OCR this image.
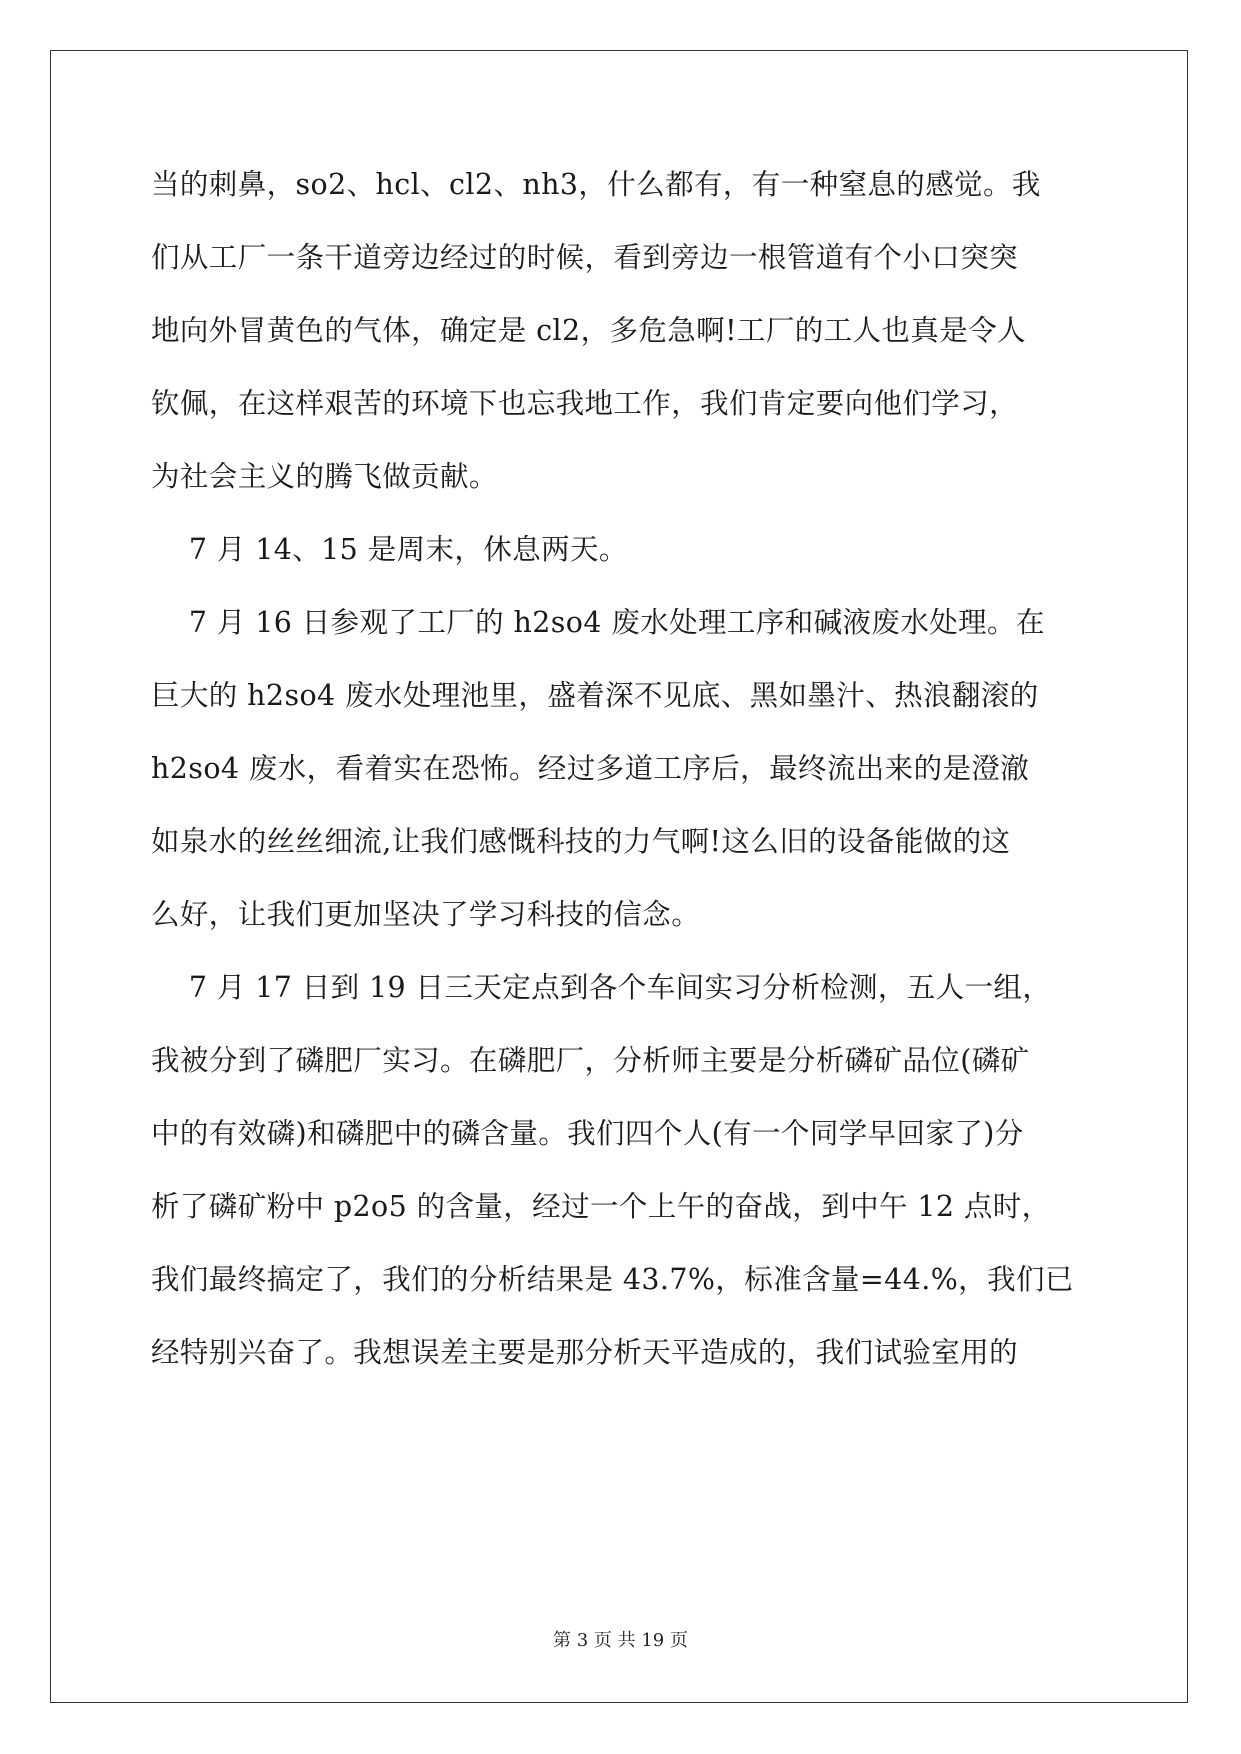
当的刺鼻，so2、hcl、cl2、nh3，什么都有，有一种窒息的感觉。我
们从工厂一条干道旁边经过的时候，看到旁边一根管道有个小口突突
地向外冒黄色的气体，确定是 cl2，多危急啊!工厂的工人也真是令人
钦佩，在这样艰苦的环境下也忘我地工作，我们肯定要向他们学习，
为社会主义的腾飞做贡献。
7 月 14、15 是周末，休息两天。
7 月 16 日参观了工厂的 h2so4 废水处理工序和碱液废水处理。在
巨大的 h2so4 废水处理池里，盛着深不见底、黑如墨汁、热浪翻滚的
h2so4 废水，看着实在恐怖。经过多道工序后，最终流出来的是澄澈
如泉水的丝丝细流,让我们感慨科技的力气啊!这么旧的设备能做的这
么好，让我们更加坚决了学习科技的信念。
7 月 17 日到 19 日三天定点到各个车间实习分析检测，五人一组，
我被分到了磷肥厂实习。在磷肥厂，分析师主要是分析磷矿品位(磷矿
中的有效磷)和磷肥中的磷含量。我们四个人(有一个同学早回家了)分
析了磷矿粉中 p2o5 的含量，经过一个上午的奋战，到中午 12 点时，
我们最终搞定了，我们的分析结果是 43.7%，标准含量=44.%，我们已
经特别兴奋了。我想误差主要是那分析天平造成的，我们试验室用的
第 3 页 共 19 页
